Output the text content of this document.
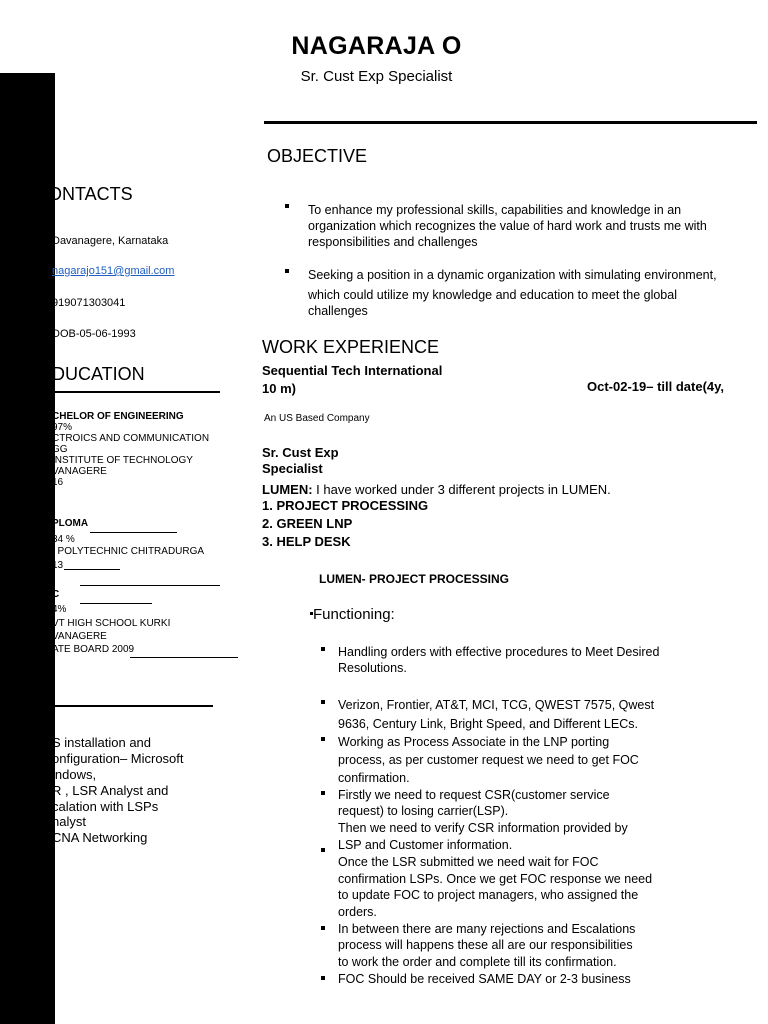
NAGARAJA O
Sr. Cust Exp Specialist
ONTACTS
Davanagere, Karnataka
nagarajo151@gmail.com
919071303041
DOB-05-06-1993
DUCATION
CHELOR OF ENGINEERING
97%
CTROICS AND COMMUNICATION
GG
INSTITUTE OF TECHNOLOGY
VANAGERE
16
PLOMA
34 %
I POLYTECHNIC CHITRADURGA
13
C
4%
VT HIGH SCHOOL KURKI
VANAGERE
ATE BOARD 2009
S installation and
onfiguration– Microsoft
indows,
R , LSR Analyst and
calation with LSPs
nalyst
CNA Networking
OBJECTIVE
To enhance my professional skills, capabilities and knowledge in an
organization which recognizes the value of hard work and trusts me with
responsibilities and challenges
Seeking a position in a dynamic organization with simulating environment,
which could utilize my knowledge and education to meet the global
challenges
WORK EXPERIENCE
Sequential Tech International
Oct-02-19– till date(4y,
10 m)
An US Based Company
Sr. Cust Exp
Specialist
LUMEN: I have worked under 3 different projects in LUMEN.
1. PROJECT PROCESSING
2. GREEN LNP
3. HELP DESK
LUMEN- PROJECT PROCESSING
Functioning:
Handling orders with effective procedures to Meet Desired
Resolutions.
Verizon, Frontier, AT&T, MCI, TCG, QWEST 7575, Qwest
9636, Century Link, Bright Speed, and Different LECs.
Working as Process Associate in the LNP porting
process, as per customer request we need to get FOC
confirmation.
Firstly we need to request CSR(customer service
request) to losing carrier(LSP).
Then we need to verify CSR information provided by
LSP and Customer information.
Once the LSR submitted we need wait for FOC
confirmation LSPs. Once we get FOC response we need
to update FOC to project managers, who assigned the
orders.
In between there are many rejections and Escalations
process will happens these all are our responsibilities
to work the order and complete till its confirmation.
FOC Should be received SAME DAY or 2-3 business
